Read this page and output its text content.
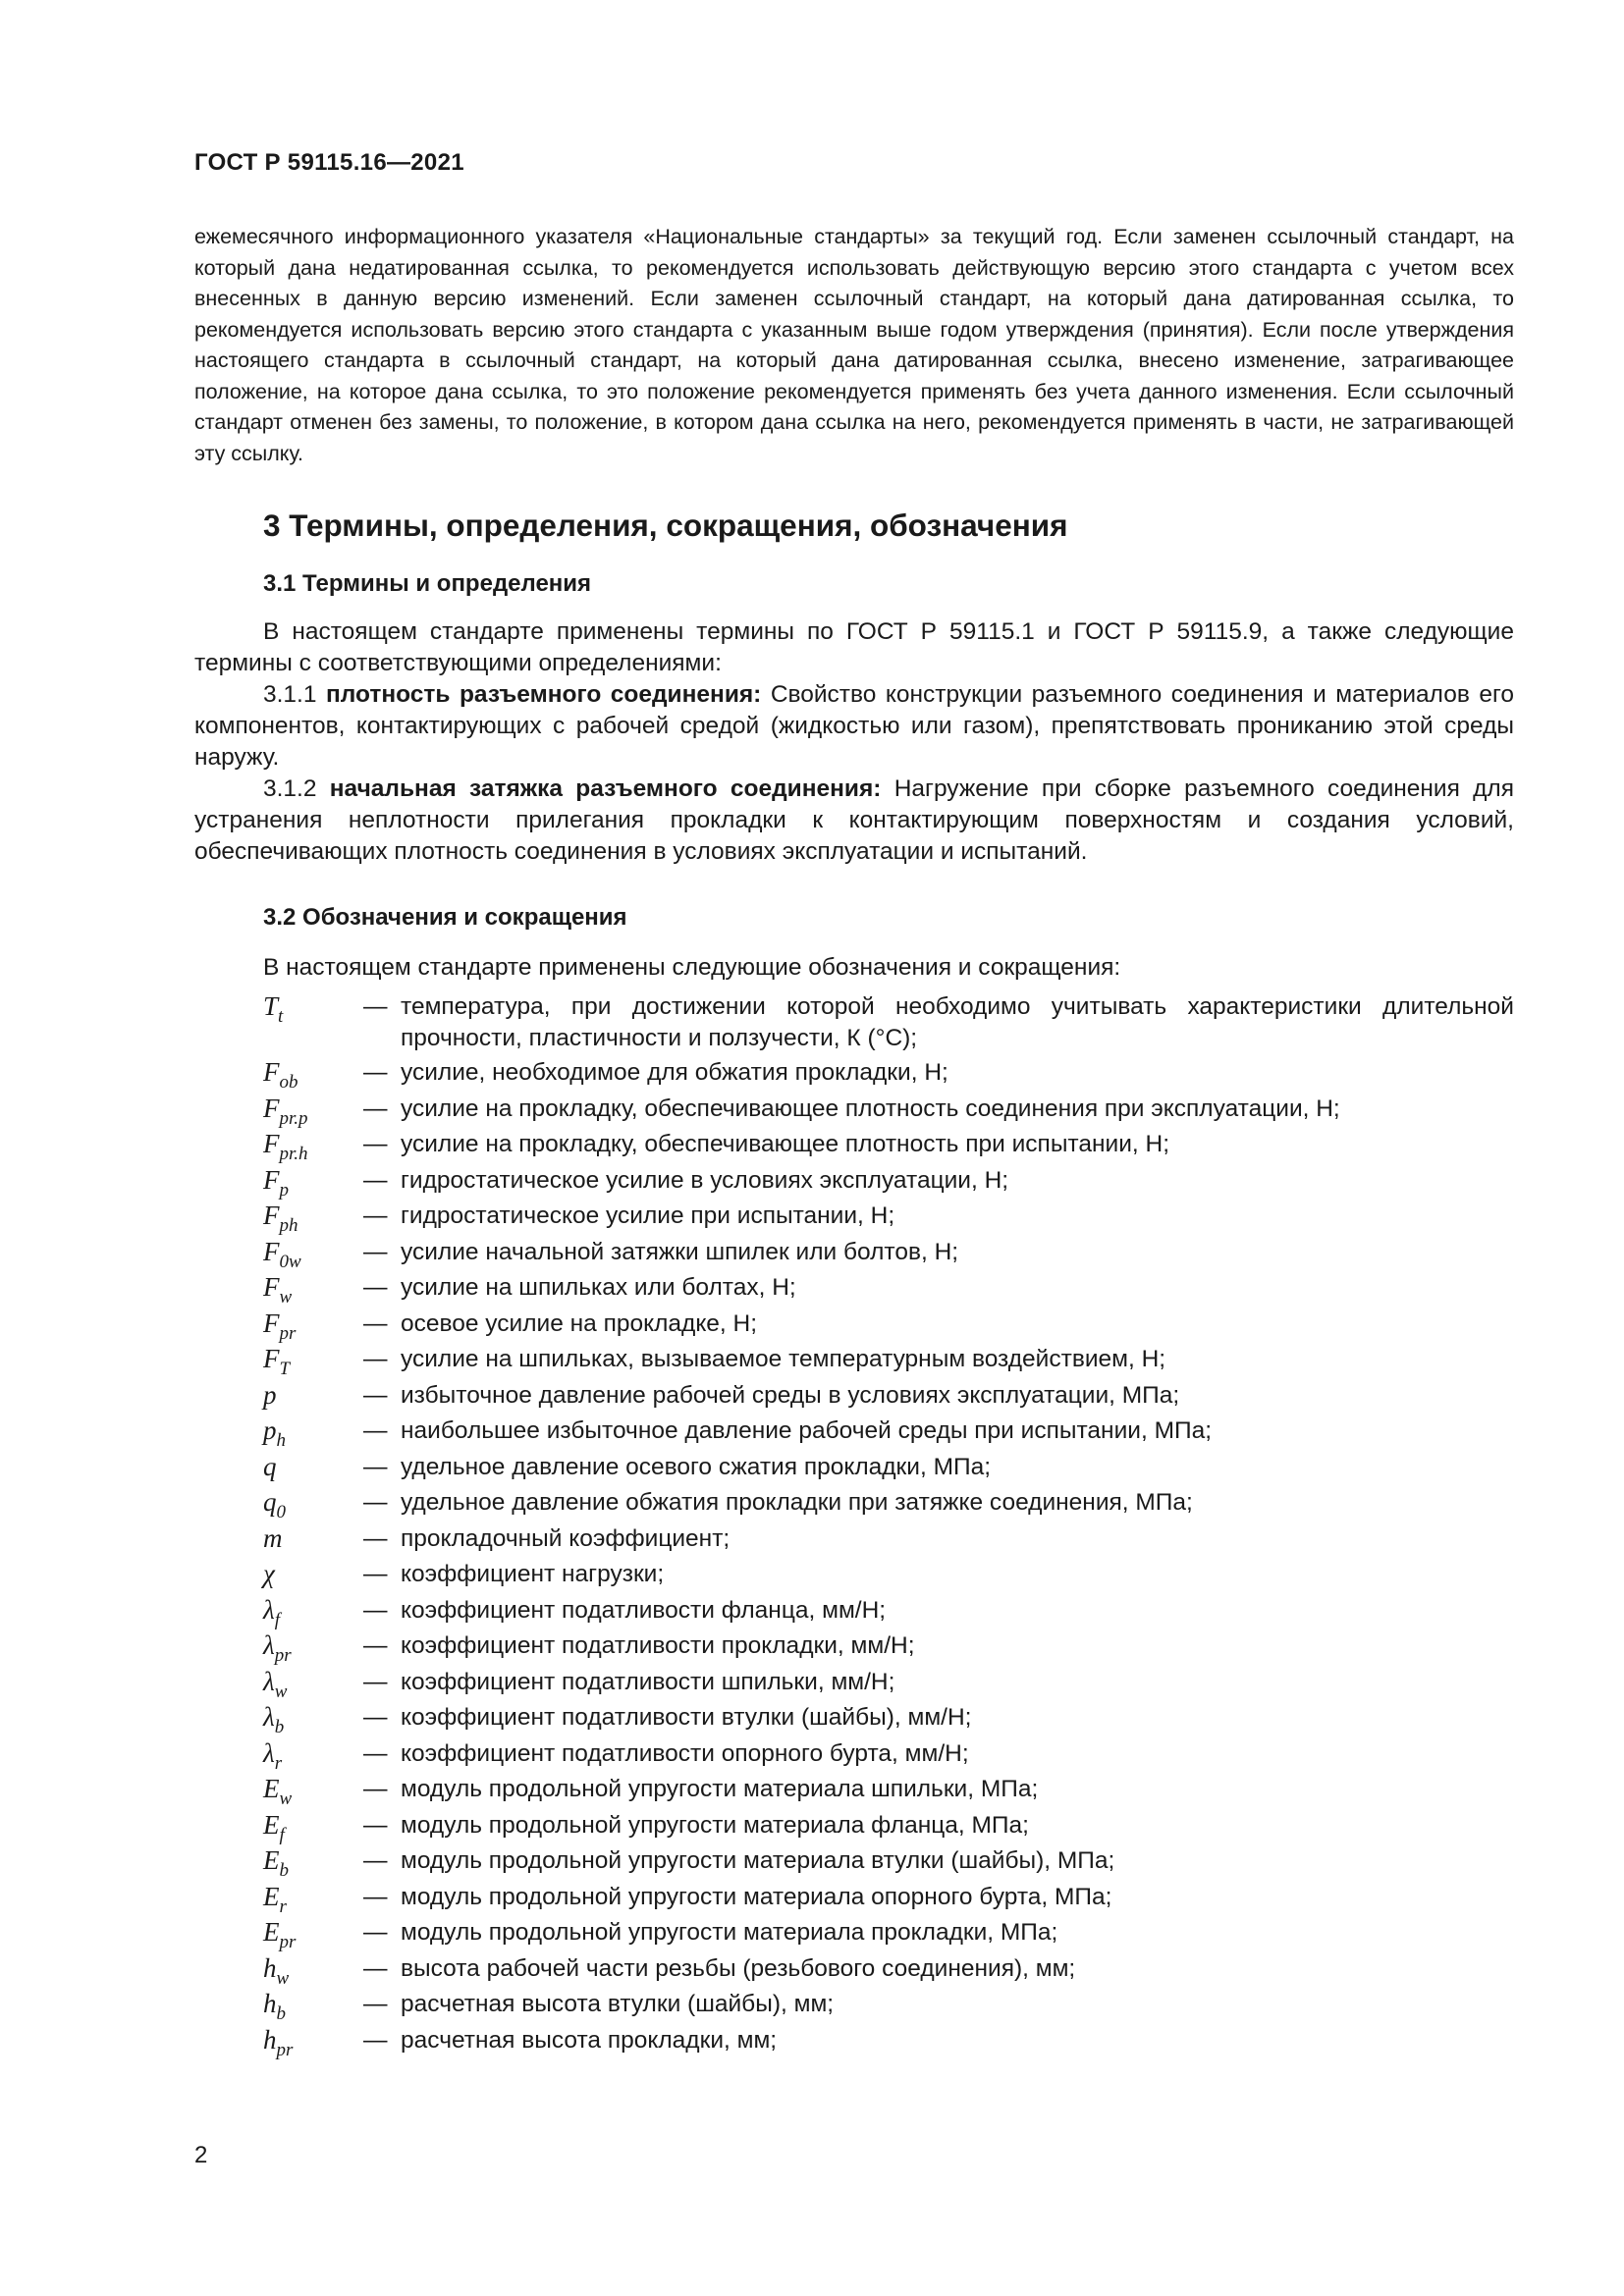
ГОСТ Р 59115.16—2021

ежемесячного информационного указателя «Национальные стандарты» за текущий год. Если заменен ссылочный стандарт, на который дана недатированная ссылка, то рекомендуется использовать действующую версию этого стандарта с учетом всех внесенных в данную версию изменений. Если заменен ссылочный стандарт, на который дана датированная ссылка, то рекомендуется использовать версию этого стандарта с указанным выше годом утверждения (принятия). Если после утверждения настоящего стандарта в ссылочный стандарт, на который дана датированная ссылка, внесено изменение, затрагивающее положение, на которое дана ссылка, то это положение рекомендуется применять без учета данного изменения. Если ссылочный стандарт отменен без замены, то положение, в котором дана ссылка на него, рекомендуется применять в части, не затрагивающей эту ссылку.

3 Термины, определения, сокращения, обозначения
3.1 Термины и определения

В настоящем стандарте применены термины по ГОСТ Р 59115.1 и ГОСТ Р 59115.9, а также следующие термины с соответствующими определениями:

3.1.1 плотность разъемного соединения: Свойство конструкции разъемного соединения и материалов его компонентов, контактирующих с рабочей средой (жидкостью или газом), препятствовать прониканию этой среды наружу.

3.1.2 начальная затяжка разъемного соединения: Нагружение при сборке разъемного соединения для устранения неплотности прилегания прокладки к контактирующим поверхностям и создания условий, обеспечивающих плотность соединения в условиях эксплуатации и испытаний.

3.2 Обозначения и сокращения

В настоящем стандарте применены следующие обозначения и сокращения:

$T_t$	— температура, при достижении которой необходимо учитывать характеристики длительной прочности, пластичности и ползучести, К (°С);
$F_{ob}$	— усилие, необходимое для обжатия прокладки, Н;
$F_{pr.p}$	— усилие на прокладку, обеспечивающее плотность соединения при эксплуатации, Н;
$F_{pr.h}$	— усилие на прокладку, обеспечивающее плотность при испытании, Н;
$F_p$	— гидростатическое усилие в условиях эксплуатации, Н;
$F_{ph}$	— гидростатическое усилие при испытании, Н;
$F_{0w}$	— усилие начальной затяжки шпилек или болтов, Н;
$F_w$	— усилие на шпильках или болтах, Н;
$F_{pr}$	— осевое усилие на прокладке, Н;
$F_T$	— усилие на шпильках, вызываемое температурным воздействием, Н;
p	— избыточное давление рабочей среды в условиях эксплуатации, МПа;
$p_h$	— наибольшее избыточное давление рабочей среды при испытании, МПа;
q	— удельное давление осевого сжатия прокладки, МПа;
$q_0$	— удельное давление обжатия прокладки при затяжке соединения, МПа;
m	— прокладочный коэффициент;
χ	— коэффициент нагрузки;
$\lambda_f$	— коэффициент податливости фланца, мм/Н;
$\lambda_{pr}$	— коэффициент податливости прокладки, мм/Н;
$\lambda_w$	— коэффициент податливости шпильки, мм/Н;
$\lambda_b$	— коэффициент податливости втулки (шайбы), мм/Н;
$\lambda_r$	— коэффициент податливости опорного бурта, мм/Н;
$E_w$	— модуль продольной упругости материала шпильки, МПа;
$E_f$	— модуль продольной упругости материала фланца, МПа;
$E_b$	— модуль продольной упругости материала втулки (шайбы), МПа;
$E_r$	— модуль продольной упругости материала опорного бурта, МПа;
$E_{pr}$	— модуль продольной упругости материала прокладки, МПа;
$h_w$	— высота рабочей части резьбы (резьбового соединения), мм;
$h_b$	— расчетная высота втулки (шайбы), мм;
$h_{pr}$	— расчетная высота прокладки, мм;
2
